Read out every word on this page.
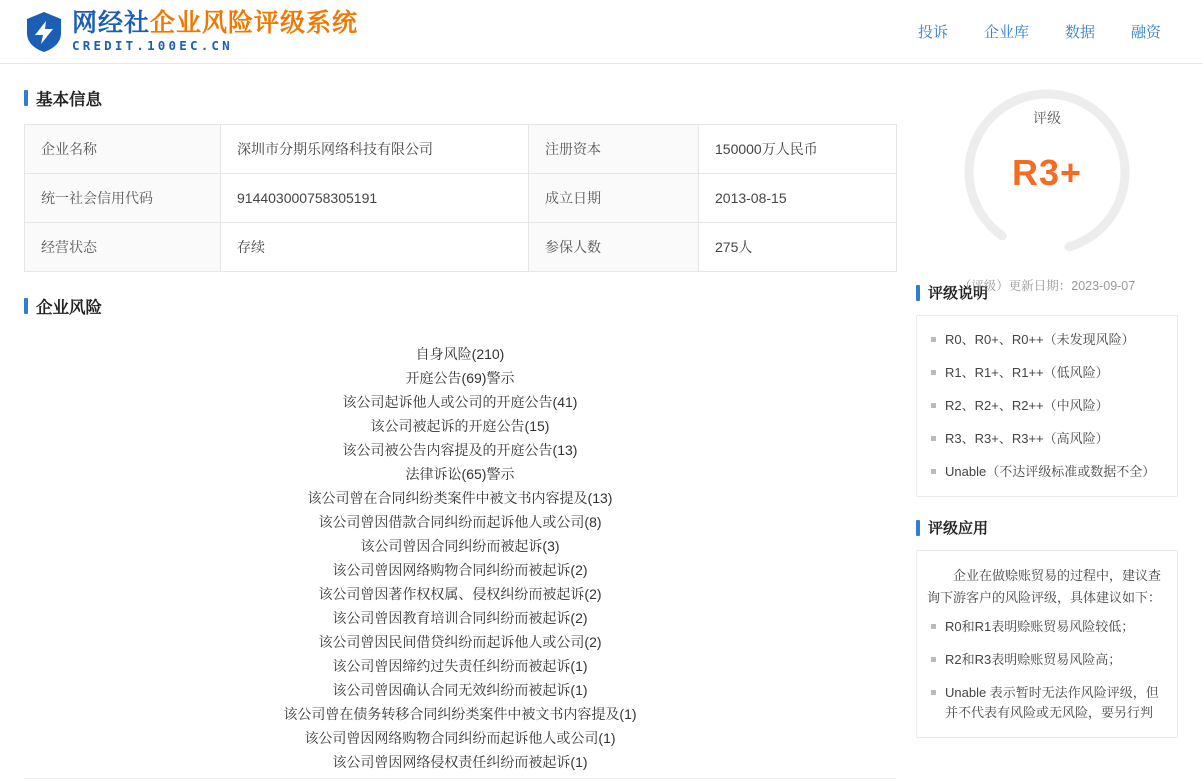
网经社企业风险评级系统
CREDIT.100EC.CN
投诉 企业库 数据 融资
基本信息
企业名称	深圳市分期乐网络科技有限公司	注册资本	150000万人民币
统一社会信用代码	914403000758305191	成立日期	2013-08-15
经营状态	存续	参保人数	275人
企业风险
自身风险(210)
开庭公告(69)警示
该公司起诉他人或公司的开庭公告(41)
该公司被起诉的开庭公告(15)
该公司被公告内容提及的开庭公告(13)
法律诉讼(65)警示
该公司曾在合同纠纷类案件中被文书内容提及(13)
该公司曾因借款合同纠纷而起诉他人或公司(8)
该公司曾因合同纠纷而被起诉(3)
该公司曾因网络购物合同纠纷而被起诉(2)
该公司曾因著作权权属、侵权纠纷而被起诉(2)
该公司曾因教育培训合同纠纷而被起诉(2)
该公司曾因民间借贷纠纷而起诉他人或公司(2)
该公司曾因缔约过失责任纠纷而被起诉(1)
该公司曾因确认合同无效纠纷而被起诉(1)
该公司曾在债务转移合同纠纷类案件中被文书内容提及(1)
该公司曾因网络购物合同纠纷而起诉他人或公司(1)
该公司曾因网络侵权责任纠纷而被起诉(1)
评级
R3+
（评级）更新日期：2023-09-07
评级说明
R0、R0+、R0++（未发现风险）
R1、R1+、R1++（低风险）
R2、R2+、R2++（中风险）
R3、R3+、R3++（高风险）
Unable（不达评级标准或数据不全）
评级应用

企业在做赊账贸易的过程中，建议查询下游客户的风险评级，具体建议如下：

R0和R1表明赊账贸易风险较低；
R2和R3表明赊账贸易风险高；
Unable 表示暂时无法作风险评级，但并不代表有风险或无风险，要另行判
